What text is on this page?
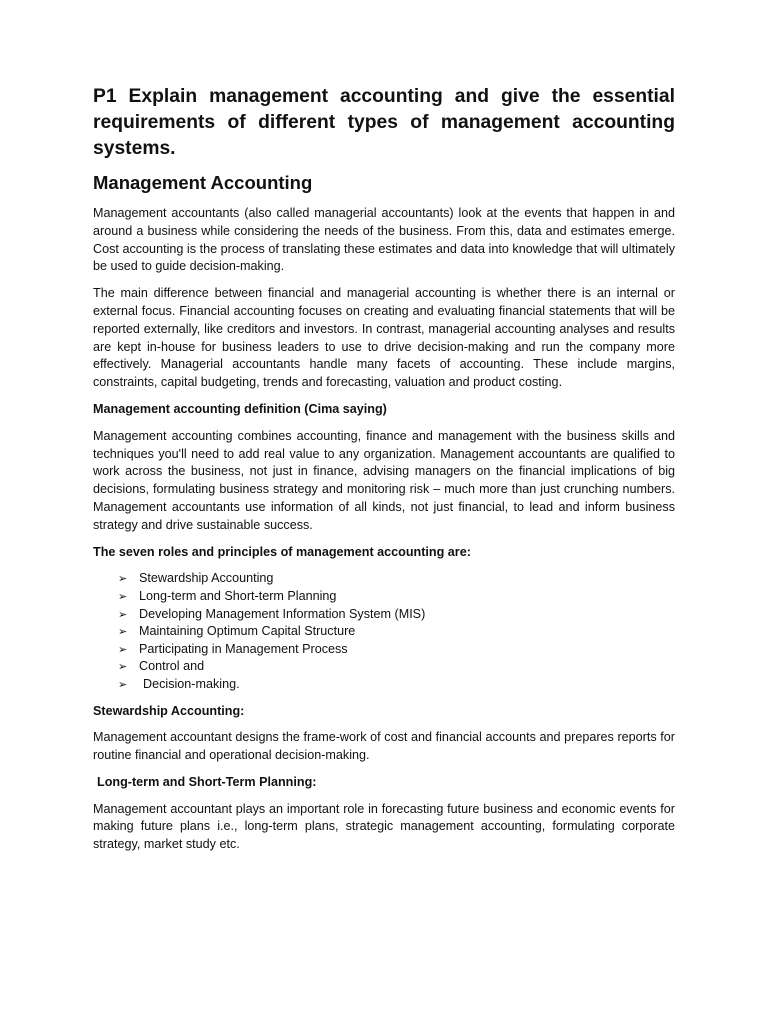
P1 Explain management accounting and give the essential requirements of different types of management accounting systems.
Management Accounting

Management accountants (also called managerial accountants) look at the events that happen in and around a business while considering the needs of the business. From this, data and estimates emerge. Cost accounting is the process of translating these estimates and data into knowledge that will ultimately be used to guide decision-making.

The main difference between financial and managerial accounting is whether there is an internal or external focus. Financial accounting focuses on creating and evaluating financial statements that will be reported externally, like creditors and investors. In contrast, managerial accounting analyses and results are kept in-house for business leaders to use to drive decision-making and run the company more effectively. Managerial accountants handle many facets of accounting. These include margins, constraints, capital budgeting, trends and forecasting, valuation and product costing.

Management accounting definition (Cima saying)

Management accounting combines accounting, finance and management with the business skills and techniques you'll need to add real value to any organization. Management accountants are qualified to work across the business, not just in finance, advising managers on the financial implications of big decisions, formulating business strategy and monitoring risk – much more than just crunching numbers. Management accountants use information of all kinds, not just financial, to lead and inform business strategy and drive sustainable success.

The seven roles and principles of management accounting are:
➢ Stewardship Accounting
➢ Long-term and Short-term Planning
➢ Developing Management Information System (MIS)
➢ Maintaining Optimum Capital Structure
➢ Participating in Management Process
➢ Control and
➢ Decision-making.
Stewardship Accounting:

Management accountant designs the frame-work of cost and financial accounts and prepares reports for routine financial and operational decision-making.

Long-term and Short-Term Planning:

Management accountant plays an important role in forecasting future business and economic events for making future plans i.e., long-term plans, strategic management accounting, formulating corporate strategy, market study etc.
